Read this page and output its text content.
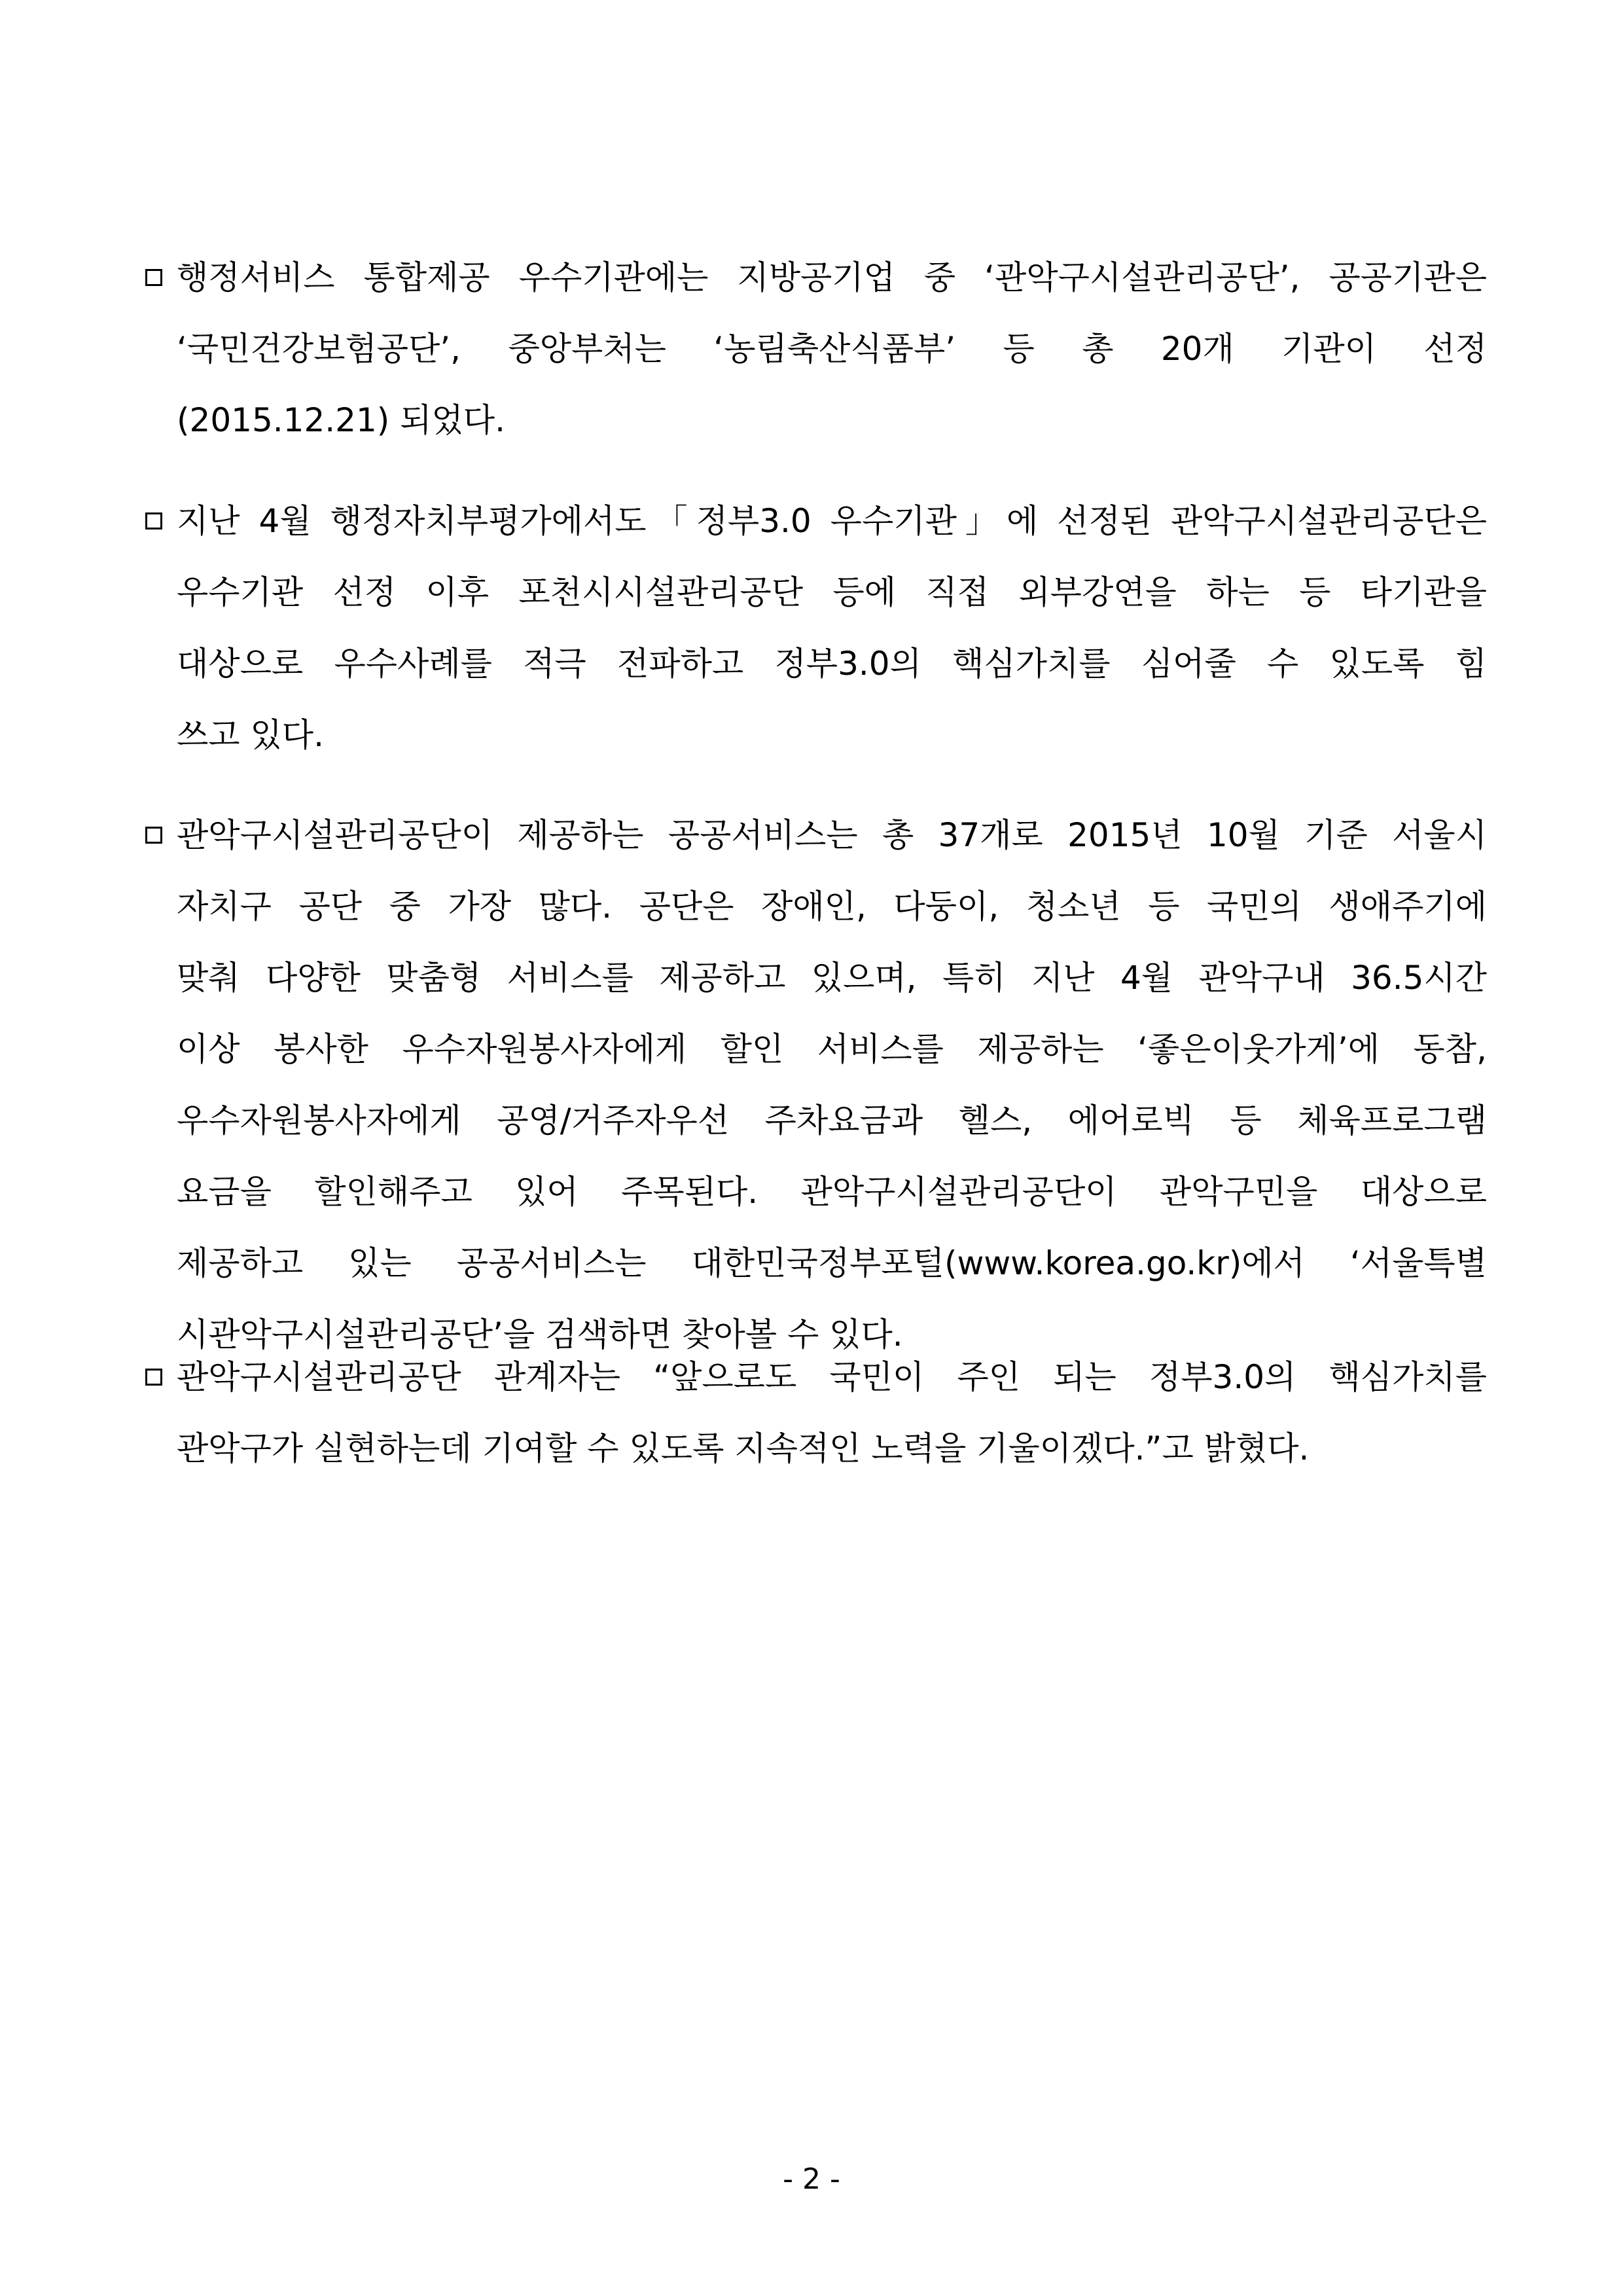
행정서비스 통합제공 우수기관에는 지방공기업 중 ‘관악구시설관리공단’, 공공기관은
‘국민건강보험공단’, 중앙부처는 ‘농림축산식품부’ 등 총 20개 기관이 선정
(2015.12.21) 되었다.
지난 4월 행정자치부평가에서도「정부3.0 우수기관」에 선정된 관악구시설관리공단은
우수기관 선정 이후 포천시시설관리공단 등에 직접 외부강연을 하는 등 타기관을
대상으로 우수사례를 적극 전파하고 정부3.0의 핵심가치를 심어줄 수 있도록 힘
쓰고 있다.
관악구시설관리공단이 제공하는 공공서비스는 총 37개로 2015년 10월 기준 서울시
자치구 공단 중 가장 많다. 공단은 장애인, 다둥이, 청소년 등 국민의 생애주기에
맞춰 다양한 맞춤형 서비스를 제공하고 있으며, 특히 지난 4월 관악구내 36.5시간
이상 봉사한 우수자원봉사자에게 할인 서비스를 제공하는 ‘좋은이웃가게’에 동참,
우수자원봉사자에게 공영/거주자우선 주차요금과 헬스, 에어로빅 등 체육프로그램
요금을 할인해주고 있어 주목된다. 관악구시설관리공단이 관악구민을 대상으로
제공하고 있는 공공서비스는 대한민국정부포털(www.korea.go.kr)에서 ‘서울특별
시관악구시설관리공단’을 검색하면 찾아볼 수 있다.
관악구시설관리공단 관계자는 “앞으로도 국민이 주인 되는 정부3.0의 핵심가치를
관악구가 실현하는데 기여할 수 있도록 지속적인 노력을 기울이겠다.”고 밝혔다.
- 2 -
